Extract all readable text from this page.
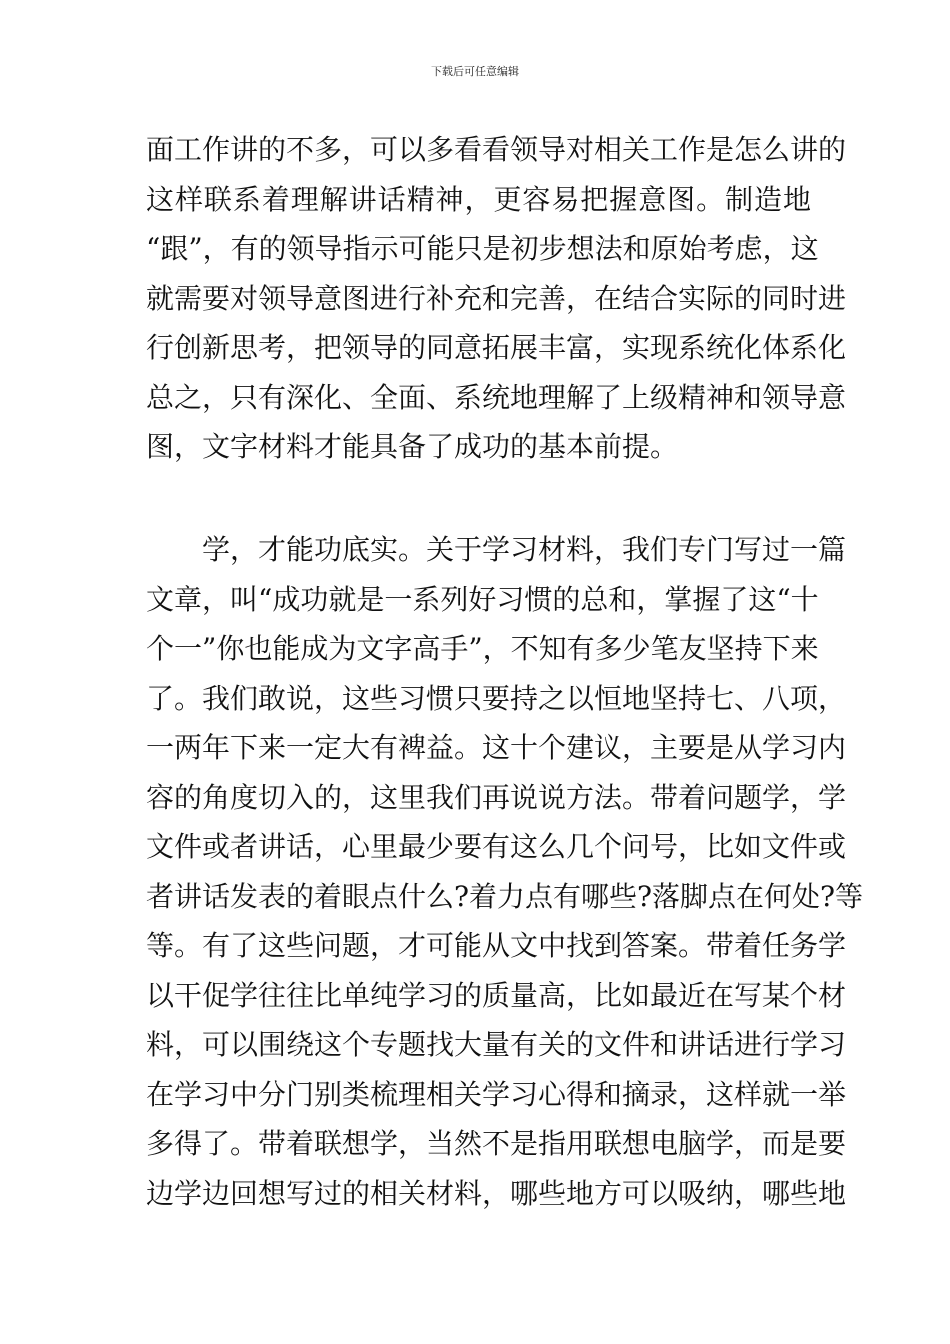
下载后可任意编辑
面工作讲的不多，可以多看看领导对相关工作是怎么讲的
这样联系着理解讲话精神，更容易把握意图。制造地
“跟”，有的领导指示可能只是初步想法和原始考虑，这
就需要对领导意图进行补充和完善，在结合实际的同时进
行创新思考，把领导的同意拓展丰富，实现系统化体系化
总之，只有深化、全面、系统地理解了上级精神和领导意
图，文字材料才能具备了成功的基本前提。
　　学，才能功底实。关于学习材料，我们专门写过一篇
文章，叫“成功就是一系列好习惯的总和，掌握了这“十
个一”你也能成为文字高手”，不知有多少笔友坚持下来
了。我们敢说，这些习惯只要持之以恒地坚持七、八项，
一两年下来一定大有裨益。这十个建议，主要是从学习内
容的角度切入的，这里我们再说说方法。带着问题学，学
文件或者讲话，心里最少要有这么几个问号，比如文件或
者讲话发表的着眼点什么?着力点有哪些?落脚点在何处?等
等。有了这些问题，才可能从文中找到答案。带着任务学
以干促学往往比单纯学习的质量高，比如最近在写某个材
料，可以围绕这个专题找大量有关的文件和讲话进行学习
在学习中分门别类梳理相关学习心得和摘录，这样就一举
多得了。带着联想学，当然不是指用联想电脑学，而是要
边学边回想写过的相关材料，哪些地方可以吸纳，哪些地
